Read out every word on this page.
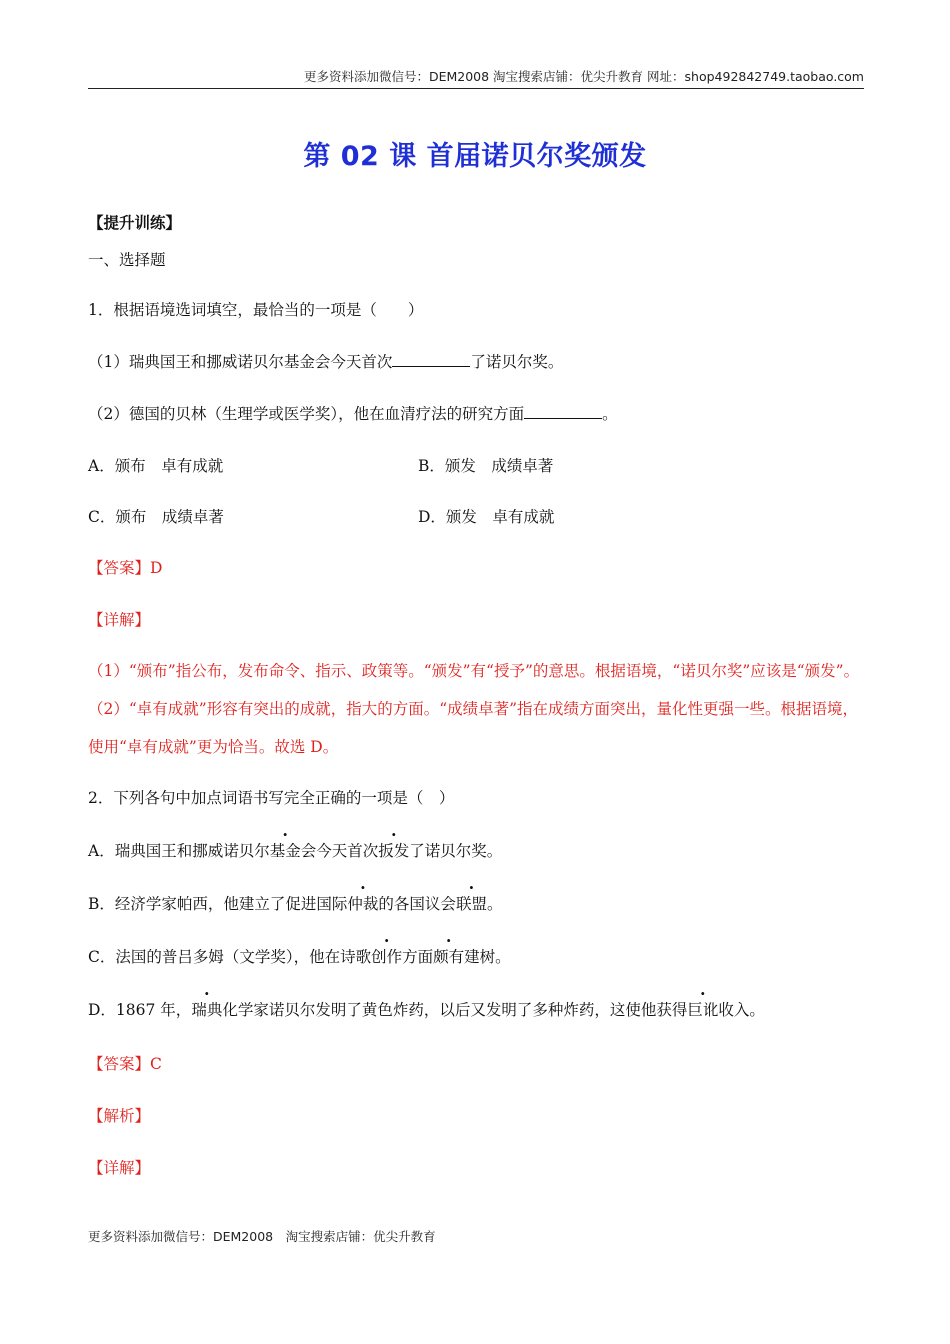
更多资料添加微信号：DEM2008 淘宝搜索店铺：优尖升教育 网址：shop492842749.taobao.com
第 02 课 首届诺贝尔奖颁发
【提升训练】
一、选择题
1．根据语境选词填空，最恰当的一项是（　　）
（1）瑞典国王和挪威诺贝尔基金会今天首次	了诺贝尔奖。
（2）德国的贝林（生理学或医学奖），他在血清疗法的研究方面	。
A．颁布　卓有成就	B．颁发　成绩卓著
C．颁布　成绩卓著	D．颁发　卓有成就
【答案】D
【详解】
（1）“颁布”指公布，发布命令、指示、政策等。“颁发”有“授予”的意思。根据语境，“诺贝尔奖”应该是“颁发”。（2）“卓有成就”形容有突出的成就，指大的方面。“成绩卓著”指在成绩方面突出，量化性更强一些。根据语境，使用“卓有成就”更为恰当。故选 D。
2．下列各句中加点词语书写完全正确的一项是（　）
A．瑞典国王和挪威诺贝尔基金会今天首次扳发了诺贝尔奖。
B．经济学家帕西，他建立了促进国际仲裁的各国议会联盟。
C．法国的普吕多姆（文学奖），他在诗歌创作方面颇有建树。
D．1867 年，瑞典化学家诺贝尔发明了黄色炸药，以后又发明了多种炸药，这使他获得巨讹收入。
【答案】C
【解析】
【详解】
更多资料添加微信号：DEM2008　淘宝搜索店铺：优尖升教育
